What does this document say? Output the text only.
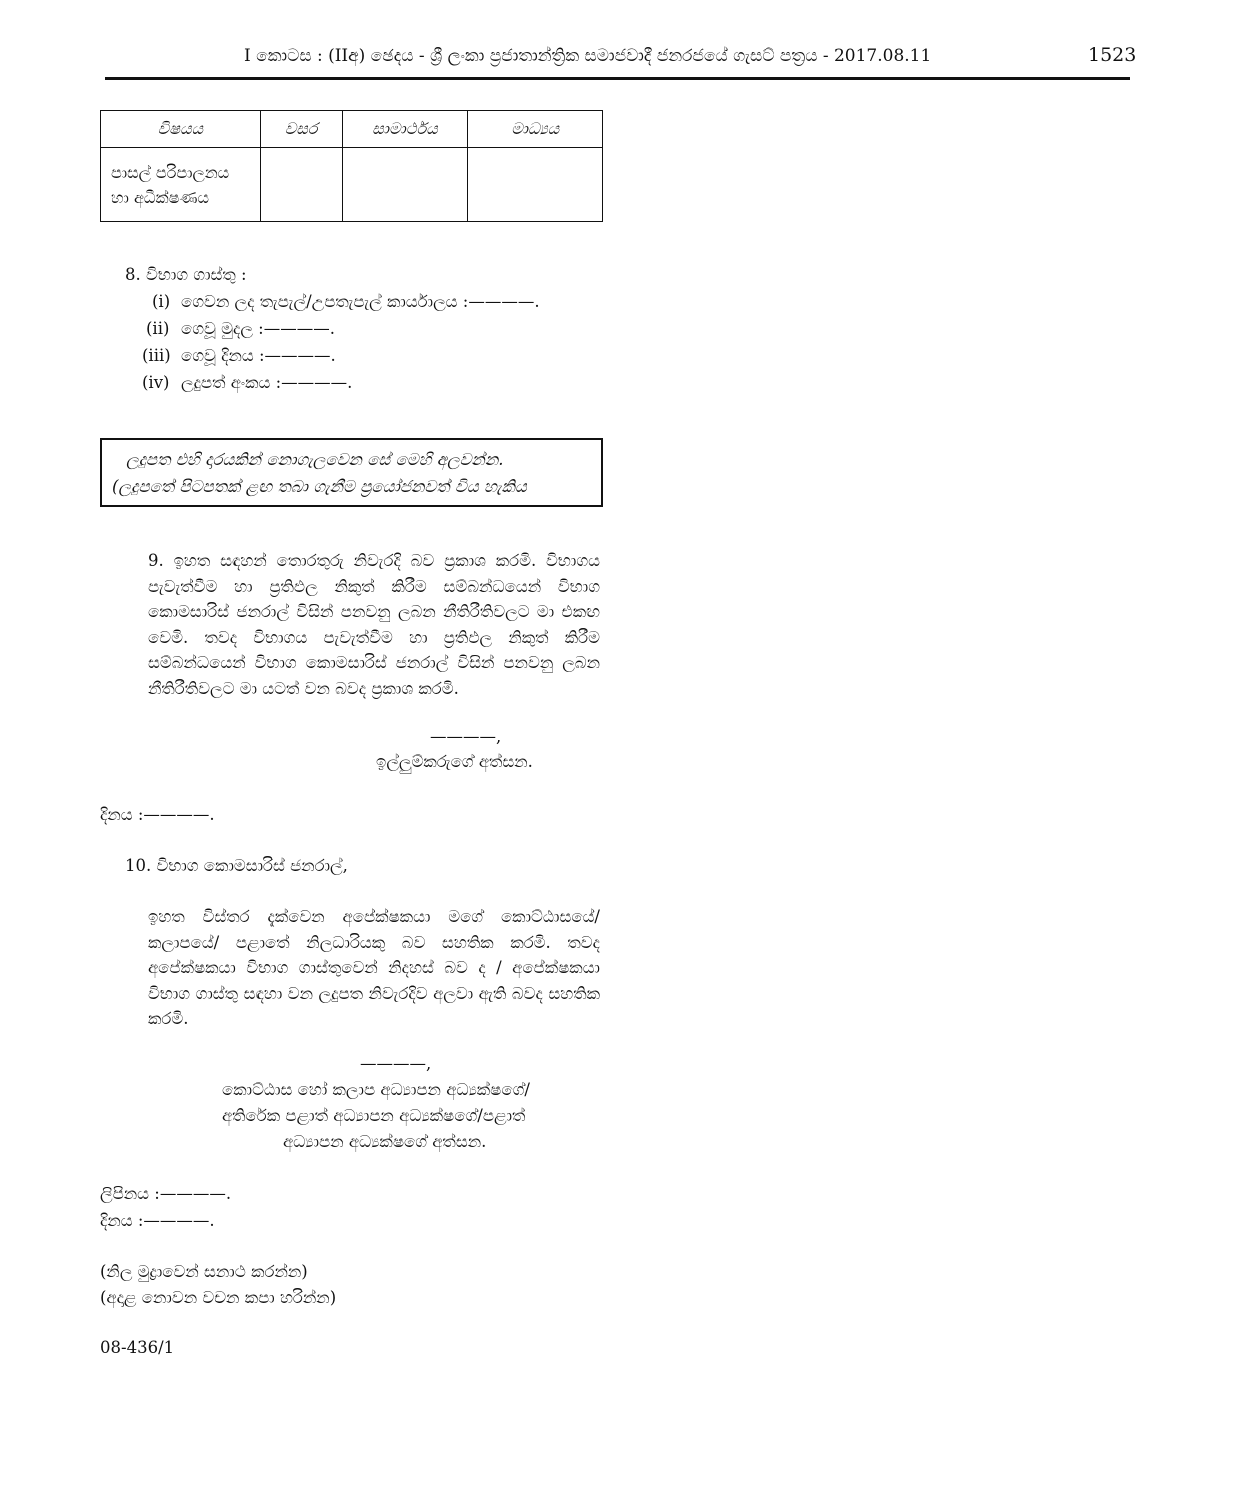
I කොටස : (IIඅ) ඡෙදය - ශ්‍රී ලංකා ප්‍රජාතාන්ත්‍රික සමාජවාදී ජනරජයේ ගැසට් පත්‍රය - 2017.08.11	1523
විෂයය	වසර	සාමාර්ථය	මාධ්‍යය

පාසල් පරිපාලනය
හා අධීක්ෂණය			

8. විභාග ගාස්තු :
(i) ගෙවන ලද තැපැල්/උපතැපැල් කාර්යාලය :————.
(ii) ගෙවූ මුදල :————.
(iii) ගෙවූ දිනය :————.
(iv) ලදුපත් අංකය :————.
ලදුපත එහි දාරයකින් නොගැලවෙන සේ මෙහි අලවන්න.
(ලදුපතේ පිටපතක් ළඟ තබා ගැනීම ප්‍රයෝජනවත් විය හැකිය
9. ඉහත සඳහන් තොරතුරු නිවැරදි බව ප්‍රකාශ කරමි. විභාගය පැවැත්වීම හා ප්‍රතිඵල නිකුත් කිරීම සම්බන්ධයෙන් විභාග කොමසාරිස් ජනරාල් විසින් පනවනු ලබන නීතිරීතිවලට මා එකඟ වෙමි. තවද විභාගය පැවැත්වීම හා ප්‍රතිඵල නිකුත් කිරීම සම්බන්ධයෙන් විභාග කොමසාරිස් ජනරාල් විසින් පනවනු ලබන නීතිරීතිවලට මා යටත් වන බවද ප්‍රකාශ කරමි.
————,
ඉල්ලුම්කරුගේ අත්සන.
දිනය :————.
10. විභාග කොමසාරිස් ජනරාල්,
ඉහත විස්තර දැක්වෙන අපේක්ෂකයා මගේ කොට්ඨාසයේ/ කලාපයේ/ පළාතේ නිලධාරියකු බව සහතික කරමි. තවද අපේක්ෂකයා විභාග ගාස්තුවෙන් නිදහස් බව ද / අපේක්ෂකයා විභාග ගාස්තු සඳහා වන ලදුපත නිවැරදිව අලවා ඇති බවද සහතික කරමි.
————,
කොට්ඨාස හෝ කලාප අධ්‍යාපන අධ්‍යක්ෂගේ/
අතිරේක පළාත් අධ්‍යාපන අධ්‍යක්ෂගේ/පළාත්
අධ්‍යාපන අධ්‍යක්ෂගේ අත්සන.
ලිපිනය :————.
දිනය :————.
(නිල මුද්‍රාවෙන් සනාථ කරන්න)
(අදාළ නොවන වචන කපා හරින්න)
08-436/1
